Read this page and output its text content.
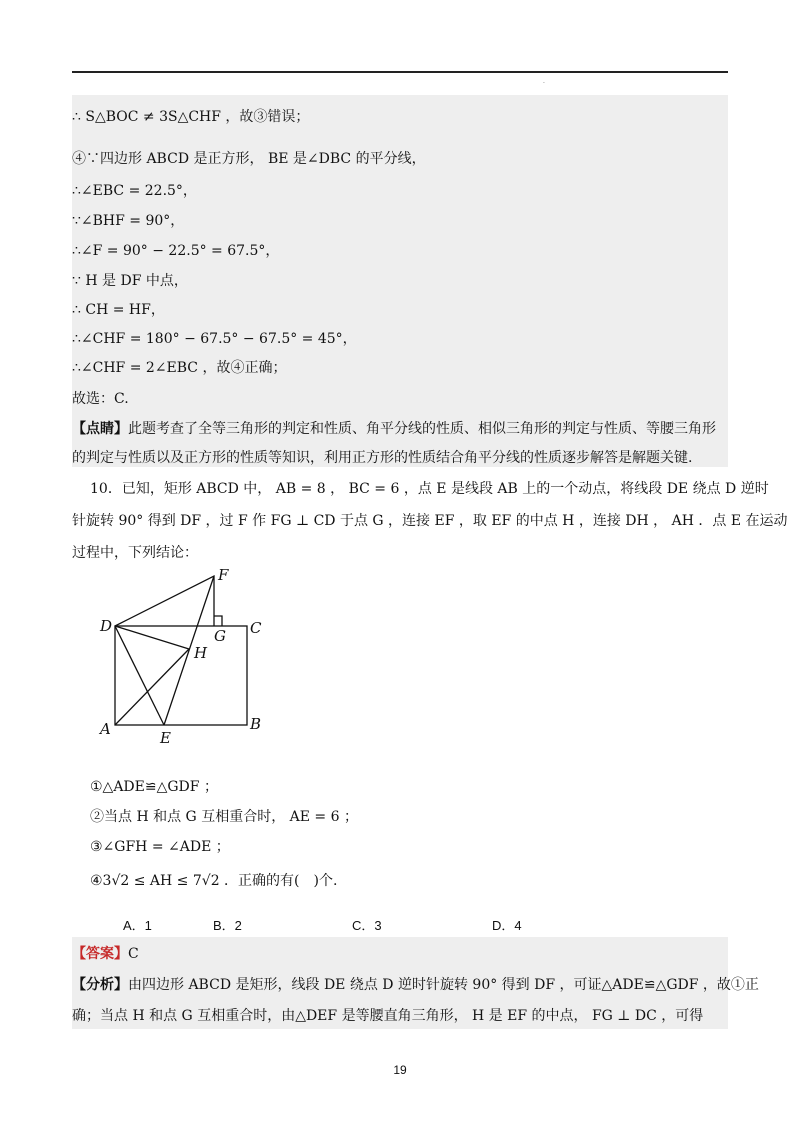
·
∴ S△BOC ≠ 3S△CHF ，故③错误；
④∵四边形 ABCD 是正方形， BE 是∠DBC 的平分线，
∴∠EBC = 22.5°，
∵∠BHF = 90°，
∴∠F = 90° − 22.5° = 67.5°，
∵ H 是 DF 中点，
∴ CH = HF，
∴∠CHF = 180° − 67.5° − 67.5° = 45°，
∴∠CHF = 2∠EBC ，故④正确；
故选：C.
【点睛】此题考查了全等三角形的判定和性质、角平分线的性质、相似三角形的判定与性质、等腰三角形
的判定与性质以及正方形的性质等知识，利用正方形的性质结合角平分线的性质逐步解答是解题关键.
10．已知，矩形 ABCD 中， AB = 8 ， BC = 6 ，点 E 是线段 AB 上的一个动点，将线段 DE 绕点 D 逆时
针旋转 90° 得到 DF ，过 F 作 FG ⊥ CD 于点 G ，连接 EF ，取 EF 的中点 H ，连接 DH ， AH ．点 E 在运动
过程中，下列结论：
F
D
G C
H
A	E
B
①△ADE≌△GDF ；
②当点 H 和点 G 互相重合时， AE = 6 ；
③∠GFH = ∠ADE ；
④3√2 ≤ AH ≤ 7√2 ．正确的有(　)个.
A．1	B．2	C．3	D．4
【答案】C
【分析】由四边形 ABCD 是矩形，线段 DE 绕点 D 逆时针旋转 90° 得到 DF ，可证△ADE≌△GDF ，故①正
确；当点 H 和点 G 互相重合时，由△DEF 是等腰直角三角形， H 是 EF 的中点， FG ⊥ DC ，可得
19
